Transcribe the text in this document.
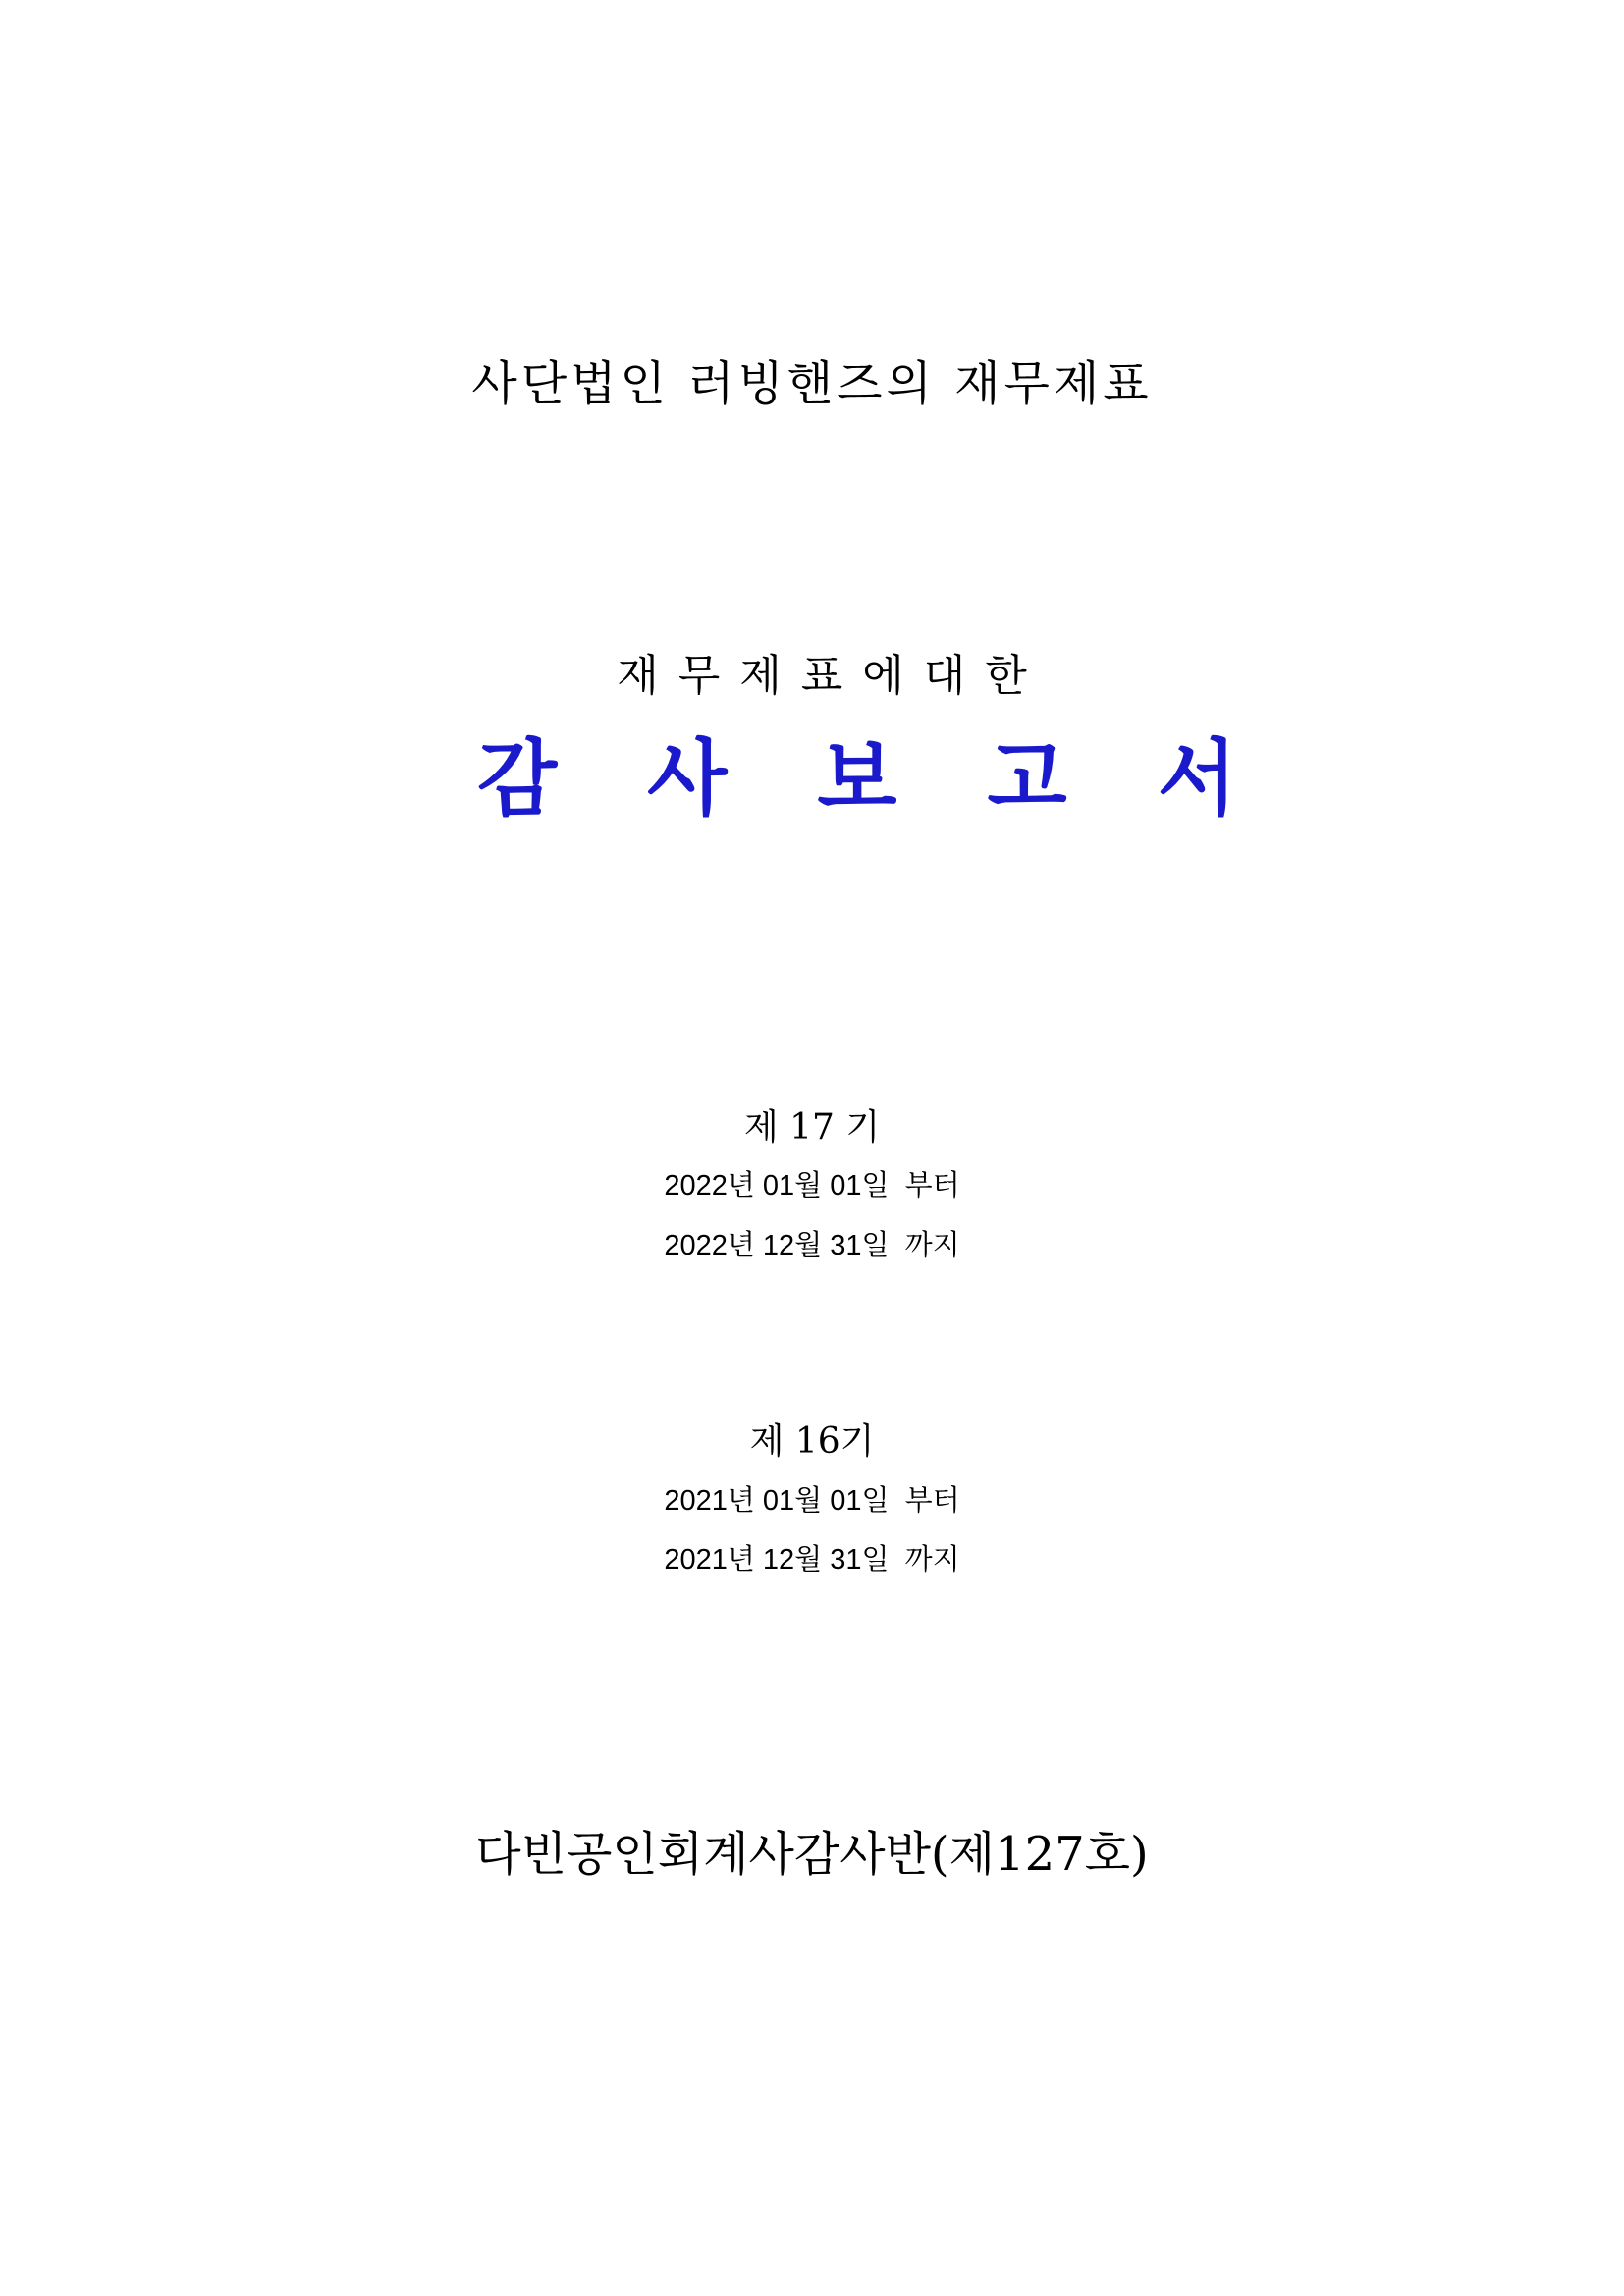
사단법인 러빙핸즈의 재무제표
재무제표에대한
감사보고서
제 17 기
2022년 01월 01일  부터
2022년 12월 31일  까지
제 16기
2021년 01월 01일  부터
2021년 12월 31일  까지
다빈공인회계사감사반(제127호)
